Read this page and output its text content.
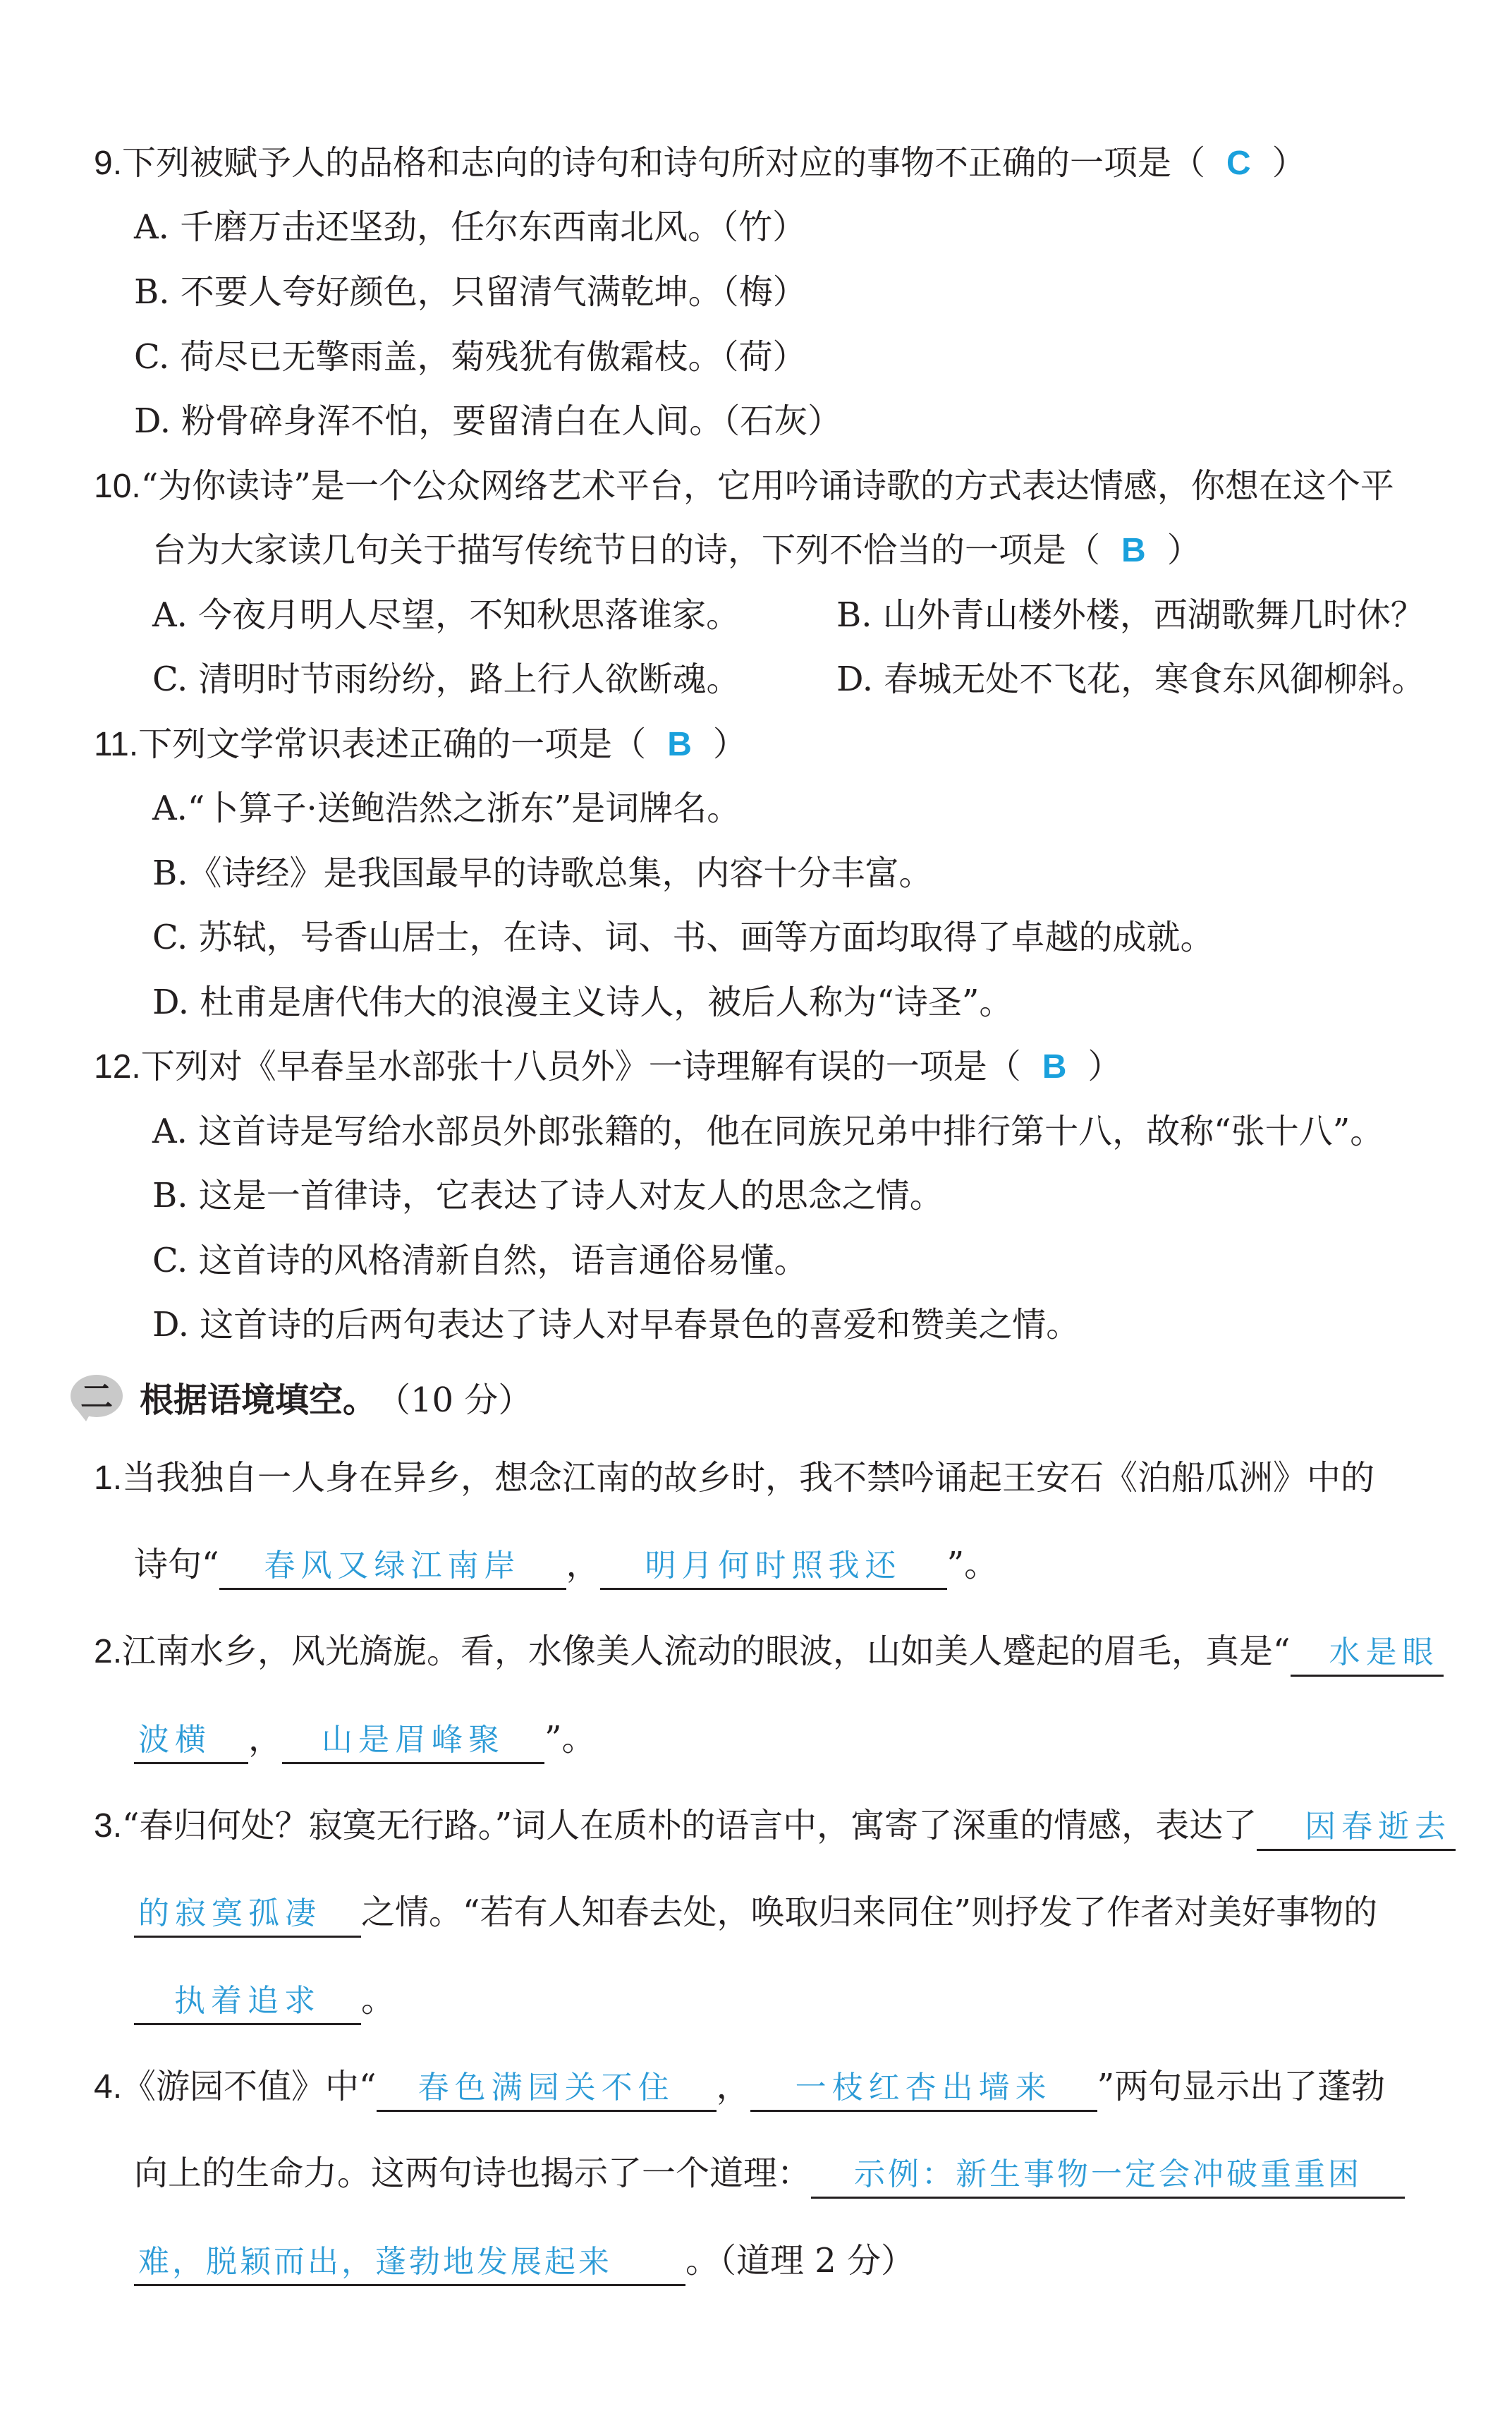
9.下列被赋予人的品格和志向的诗句和诗句所对应的事物不正确的一项是（ C ）
A. 千磨万击还坚劲，任尔东西南北风。（竹）
B. 不要人夸好颜色，只留清气满乾坤。（梅）
C. 荷尽已无擎雨盖，菊残犹有傲霜枝。（荷）
D. 粉骨碎身浑不怕，要留清白在人间。（石灰）
10.“为你读诗”是一个公众网络艺术平台，它用吟诵诗歌的方式表达情感，你想在这个平
台为大家读几句关于描写传统节日的诗，下列不恰当的一项是（ B ）
A. 今夜月明人尽望，不知秋思落谁家。	B. 山外青山楼外楼，西湖歌舞几时休？
C. 清明时节雨纷纷，路上行人欲断魂。	D. 春城无处不飞花，寒食东风御柳斜。
11.下列文学常识表述正确的一项是（ B ）
A.“卜算子·送鲍浩然之浙东”是词牌名。
B.《诗经》是我国最早的诗歌总集，内容十分丰富。
C. 苏轼，号香山居士，在诗、词、书、画等方面均取得了卓越的成就。
D. 杜甫是唐代伟大的浪漫主义诗人，被后人称为“诗圣”。
12.下列对《早春呈水部张十八员外》一诗理解有误的一项是（ B ）
A. 这首诗是写给水部员外郎张籍的，他在同族兄弟中排行第十八，故称“张十八”。
B. 这是一首律诗，它表达了诗人对友人的思念之情。
C. 这首诗的风格清新自然，语言通俗易懂。
D. 这首诗的后两句表达了诗人对早春景色的喜爱和赞美之情。
二 根据语境填空。 （10 分）
1.当我独自一人身在异乡，想念江南的故乡时，我不禁吟诵起王安石《泊船瓜洲》中的
诗句“ 春风又绿江南岸 ， 明月何时照我还 ”。
2.江南水乡，风光旖旎。看，水像美人流动的眼波，山如美人蹙起的眉毛，真是“ 水是眼
波横 ， 山是眉峰聚 ”。
3.“春归何处？寂寞无行路。”词人在质朴的语言中，寓寄了深重的情感，表达了 因春逝去
的寂寞孤凄 之情。“若有人知春去处，唤取归来同住”则抒发了作者对美好事物的
执着追求 。
4.《游园不值》中“ 春色满园关不住 ， 一枝红杏出墙来 ”两句显示出了蓬勃
向上的生命力。这两句诗也揭示了一个道理： 示例：新生事物一定会冲破重重困
难，脱颖而出，蓬勃地发展起来 。（道理 2 分）
